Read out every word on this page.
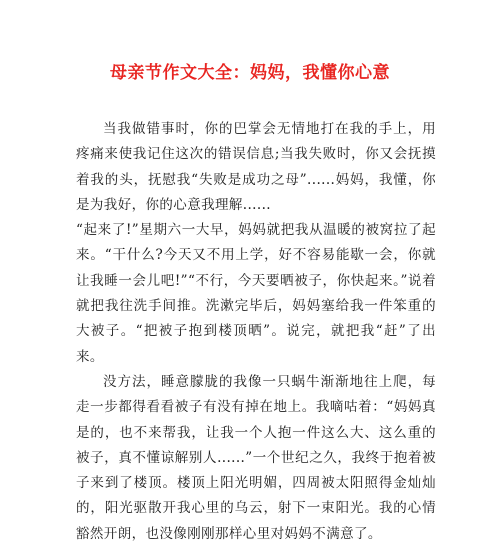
母亲节作文大全：妈妈，我懂你心意

当我做错事时，你的巴掌会无情地打在我的手上，用疼痛来使我记住这次的错误信息;当我失败时，你又会抚摸着我的头，抚慰我“失败是成功之母”......妈妈，我懂，你是为我好，你的心意我理解......

“起来了!”星期六一大早，妈妈就把我从温暖的被窝拉了起来。“干什么?今天又不用上学，好不容易能歇一会，你就让我睡一会儿吧!”“不行，今天要晒被子，你快起来。”说着就把我往洗手间推。洗漱完毕后，妈妈塞给我一件笨重的大被子。“把被子抱到楼顶晒”。说完，就把我“赶”了出来。

没方法，睡意朦胧的我像一只蜗牛渐渐地往上爬，每走一步都得看看被子有没有掉在地上。我嘀咕着：“妈妈真是的，也不来帮我，让我一个人抱一件这么大、这么重的被子，真不懂谅解别人......”一个世纪之久，我终于抱着被子来到了楼顶。楼顶上阳光明媚，四周被太阳照得金灿灿的，阳光驱散开我心里的乌云，射下一束阳光。我的心情豁然开朗，也没像刚刚那样心里对妈妈不满意了。
